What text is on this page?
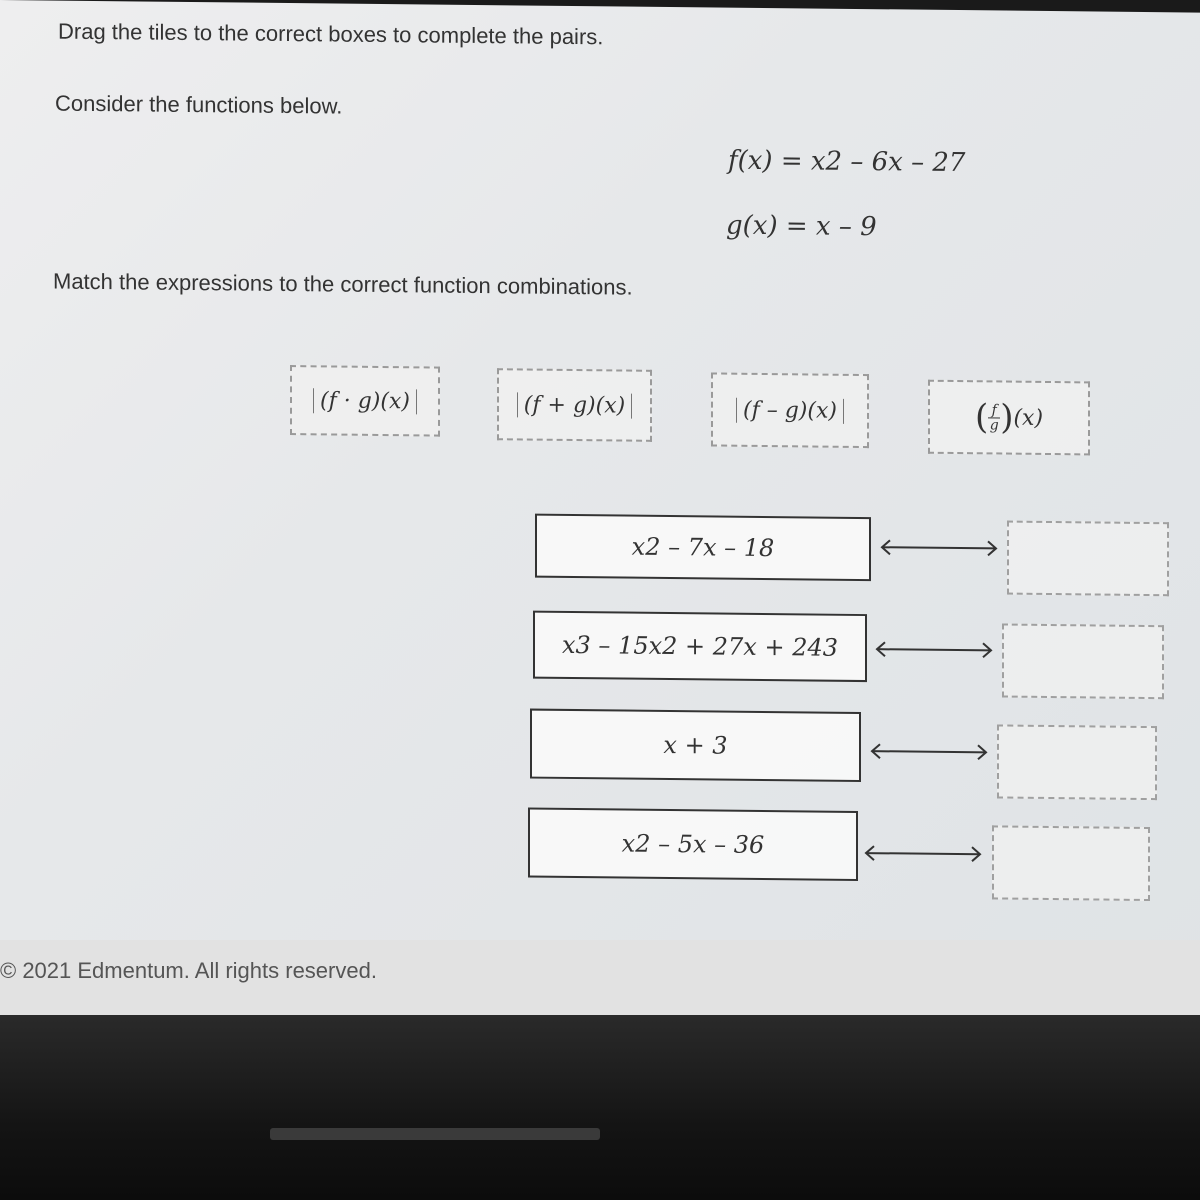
Drag the tiles to the correct boxes to complete the pairs.
Consider the functions below.
f(x) = x2 – 6x – 27
g(x) = x – 9
Match the expressions to the correct function combinations.
(f · g)(x)	(f + g)(x)	(f – g)(x)	( $\frac{f}{g}$ ) (x)
x2 – 7x – 18
x3 – 15x2 + 27x + 243
x + 3
x2 – 5x – 36
© 2021 Edmentum. All rights reserved.
